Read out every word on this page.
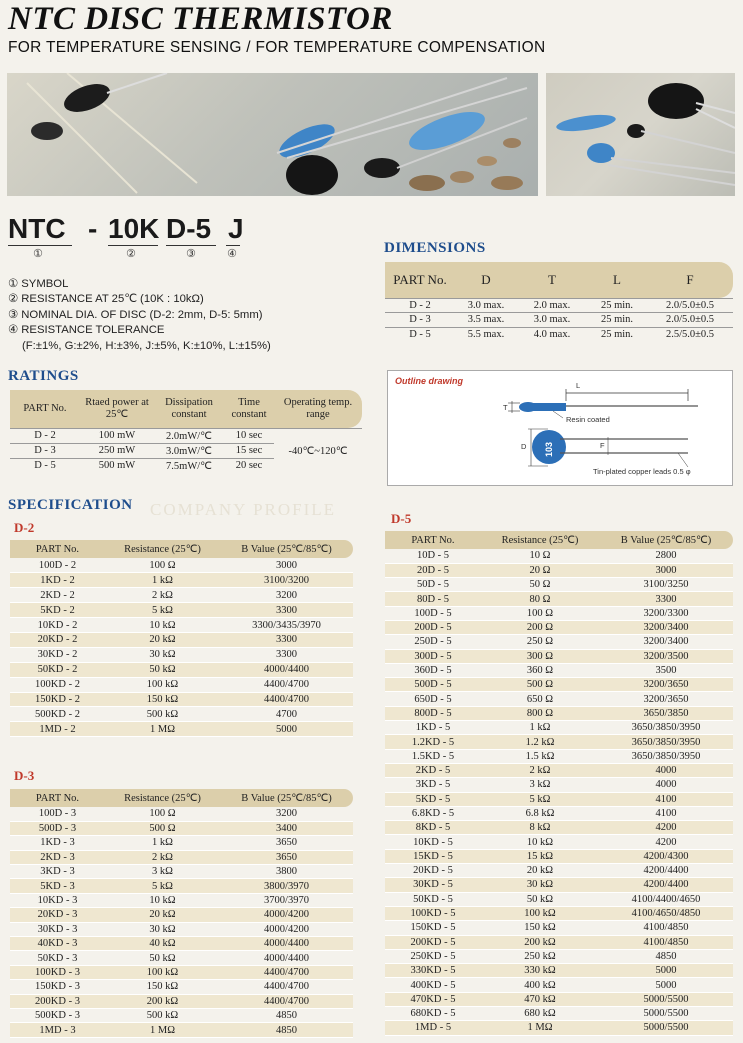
NTC DISC THERMISTOR
FOR TEMPERATURE SENSING / FOR TEMPERATURE COMPENSATION
NTC - 10K D-5 J
①	②	③	④
① SYMBOL
② RESISTANCE AT 25℃ (10K : 10kΩ)
③ NOMINAL DIA. OF DISC (D-2: 2mm, D-5: 5mm)
④ RESISTANCE TOLERANCE
(F:±1%, G:±2%, H:±3%, J:±5%, K:±10%, L:±15%)
DIMENSIONS
PART No.	D	T	L	F
D - 2	3.0 max.	2.0 max.	25 min.	2.0/5.0±0.5
D - 3	3.5 max.	3.0 max.	25 min.	2.0/5.0±0.5
D - 5	5.5 max.	4.0 max.	25 min.	2.5/5.0±0.5
RATINGS
PART No.	Rtaed power at 25℃	Dissipation constant	Time constant	Operating temp. range
D - 2	100 mW	2.0mW/℃	10 sec	-40℃~120℃
D - 3	250 mW	3.0mW/℃	15 sec	
D - 5	500 mW	7.5mW/℃	20 sec	
Outline drawing	L
T
D	F
Resin coated
Tin-plated copper leads 0.5 φ
103
SPECIFICATION COMPANY PROFILE
D-2
PART No.	Resistance (25℃)	B Value (25℃/85℃)
100D - 2	100 Ω	3000
1KD - 2	1 kΩ	3100/3200
2KD - 2	2 kΩ	3200
5KD - 2	5 kΩ	3300
10KD - 2	10 kΩ	3300/3435/3970
20KD - 2	20 kΩ	3300
30KD - 2	30 kΩ	3300
50KD - 2	50 kΩ	4000/4400
100KD - 2	100 kΩ	4400/4700
150KD - 2	150 kΩ	4400/4700
500KD - 2	500 kΩ	4700
1MD - 2	1 MΩ	5000
D-3
PART No.	Resistance (25℃)	B Value (25℃/85℃)
100D - 3	100 Ω	3200
500D - 3	500 Ω	3400
1KD - 3	1 kΩ	3650
2KD - 3	2 kΩ	3650
3KD - 3	3 kΩ	3800
5KD - 3	5 kΩ	3800/3970
10KD - 3	10 kΩ	3700/3970
20KD - 3	20 kΩ	4000/4200
30KD - 3	30 kΩ	4000/4200
40KD - 3	40 kΩ	4000/4400
50KD - 3	50 kΩ	4000/4400
100KD - 3	100 kΩ	4400/4700
150KD - 3	150 kΩ	4400/4700
200KD - 3	200 kΩ	4400/4700
500KD - 3	500 kΩ	4850
1MD - 3	1 MΩ	4850
D-5
PART No.	Resistance (25℃)	B Value (25℃/85℃)
10D - 5	10 Ω	2800
20D - 5	20 Ω	3000
50D - 5	50 Ω	3100/3250
80D - 5	80 Ω	3300
100D - 5	100 Ω	3200/3300
200D - 5	200 Ω	3200/3400
250D - 5	250 Ω	3200/3400
300D - 5	300 Ω	3200/3500
360D - 5	360 Ω	3500
500D - 5	500 Ω	3200/3650
650D - 5	650 Ω	3200/3650
800D - 5	800 Ω	3650/3850
1KD - 5	1 kΩ	3650/3850/3950
1.2KD - 5	1.2 kΩ	3650/3850/3950
1.5KD - 5	1.5 kΩ	3650/3850/3950
2KD - 5	2 kΩ	4000
3KD - 5	3 kΩ	4000
5KD - 5	5 kΩ	4100
6.8KD - 5	6.8 kΩ	4100
8KD - 5	8 kΩ	4200
10KD - 5	10 kΩ	4200
15KD - 5	15 kΩ	4200/4300
20KD - 5	20 kΩ	4200/4400
30KD - 5	30 kΩ	4200/4400
50KD - 5	50 kΩ	4100/4400/4650
100KD - 5	100 kΩ	4100/4650/4850
150KD - 5	150 kΩ	4100/4850
200KD - 5	200 kΩ	4100/4850
250KD - 5	250 kΩ	4850
330KD - 5	330 kΩ	5000
400KD - 5	400 kΩ	5000
470KD - 5	470 kΩ	5000/5500
680KD - 5	680 kΩ	5000/5500
1MD - 5	1 MΩ	5000/5500
